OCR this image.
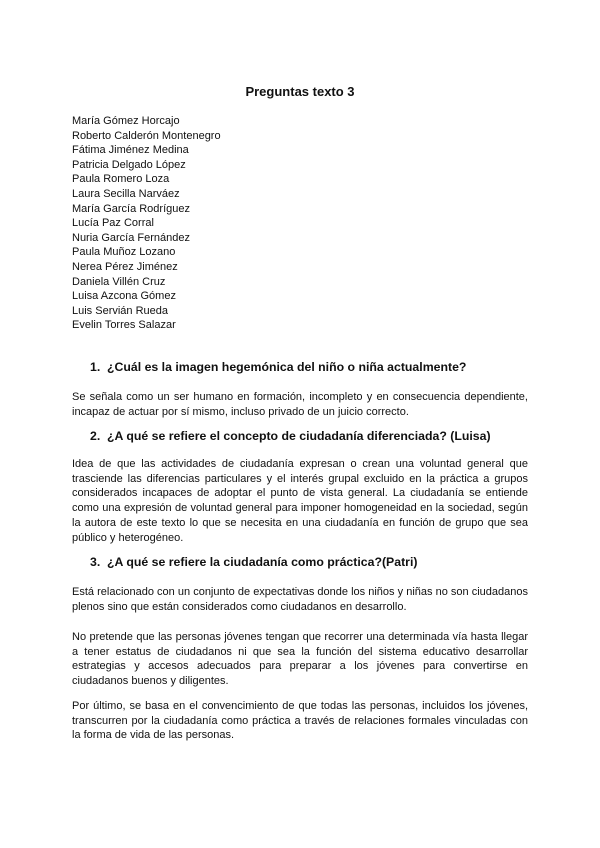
Preguntas texto 3
María Gómez Horcajo
Roberto Calderón Montenegro
Fátima Jiménez Medina
Patricia Delgado López
Paula Romero Loza
Laura Secilla Narváez
María García Rodríguez
Lucía Paz Corral
Nuria García Fernández
Paula Muñoz Lozano
Nerea Pérez Jiménez
Daniela Villén Cruz
Luisa Azcona Gómez
Luis Servián Rueda
Evelin Torres Salazar
1. ¿Cuál es la imagen hegemónica del niño o niña actualmente?
Se señala como un ser humano en formación, incompleto y en consecuencia dependiente, incapaz de actuar por sí mismo, incluso privado de un juicio correcto.
2. ¿A qué se refiere el concepto de ciudadanía diferenciada? (Luisa)
Idea de que las actividades de ciudadanía expresan o crean una voluntad general que trasciende las diferencias particulares y el interés grupal excluido en la práctica a grupos considerados incapaces de adoptar el punto de vista general. La ciudadanía se entiende como una expresión de voluntad general para imponer homogeneidad en la sociedad, según la autora de este texto lo que se necesita en una ciudadanía en función de grupo que sea público y heterogéneo.
3. ¿A qué se refiere la ciudadanía como práctica?(Patri)
Está relacionado con un conjunto de expectativas donde los niños y niñas no son ciudadanos plenos sino que están considerados como ciudadanos en desarrollo.
No pretende que las personas jóvenes tengan que recorrer una determinada vía hasta llegar a tener estatus de ciudadanos ni que sea la función del sistema educativo desarrollar estrategias y accesos adecuados para preparar a los jóvenes para convertirse en ciudadanos buenos y diligentes.
Por último, se basa en el convencimiento de que todas las personas, incluidos los jóvenes, transcurren por la ciudadanía como práctica a través de relaciones formales vinculadas con la forma de vida de las personas.
